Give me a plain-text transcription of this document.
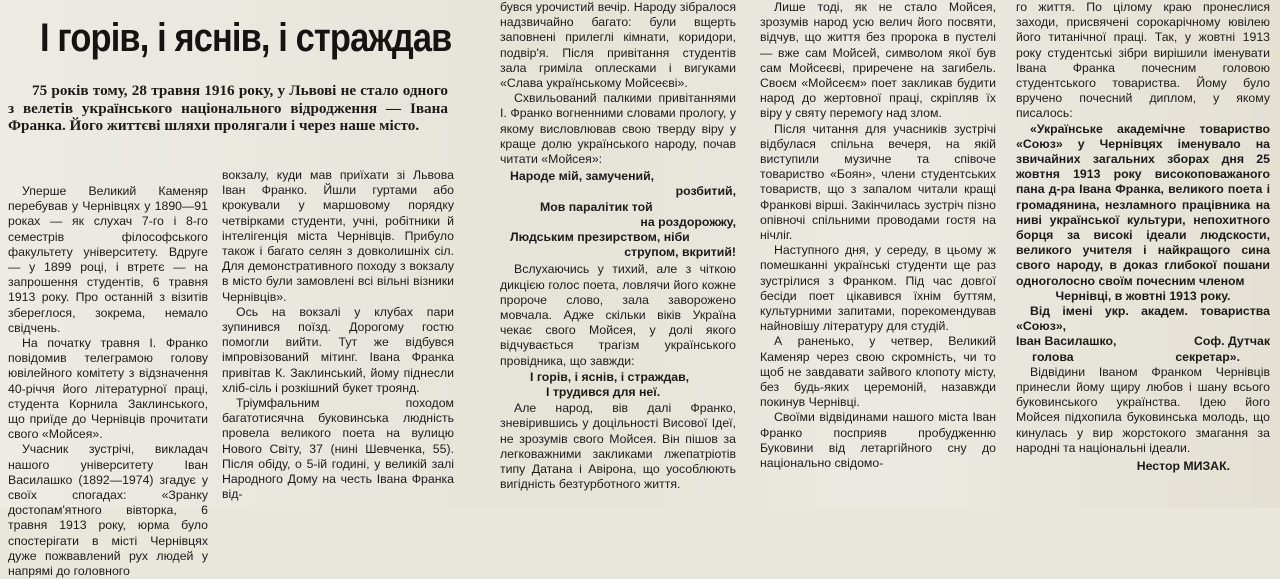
І горів, і яснів, і страждав

75 років тому, 28 травня 1916 року, у Львові не стало одного з велетів українського національного відродження — Івана Франка. Його життєві шляхи пролягали і через наше місто.

Уперше Великий Каменяр перебував у Чернівцях у 1890—91 роках — як слухач 7-го і 8-го семестрів філософського факультету університету. Вдруге — у 1899 році, і втретє — на запрошення студентів, 6 травня 1913 року. Про останній з візитів збереглося, зокрема, немало свідчень.

На початку травня І. Франко повідомив телеграмою голову ювілейного комітету з відзначення 40-річчя його літературної праці, студента Корнила Заклинського, що приїде до Чернівців прочитати свого «Мойсея».

Учасник зустрічі, викладач нашого університету Іван Василашко (1892—1974) згадує у своїх спогадах: «Зранку достопам'ятного вівторка, 6 травня 1913 року, юрма було спостерігати в місті Чернівцях дуже пожвавлений рух людей у напрямі до головного

вокзалу, куди мав приїхати зі Львова Іван Франко. Йшли гуртами або крокували у маршовому порядку четвірками студенти, учні, робітники й інтелігенція міста Чернівців. Прибуло також і багато селян з довколишніх сіл. Для демонстративного походу з вокзалу в місто були замовлені всі вільні візники Чернівців».

Ось на вокзалі у клубах пари зупинився поїзд. Дорогому гостю помогли вийти. Тут же відбувся імпровізований мітинг. Івана Франка привітав К. Заклинський, йому піднесли хліб-сіль і розкішний букет троянд.

Тріумфальним походом багатотисячна буковинська людність провела великого поета на вулицю Нового Світу, 37 (нині Шевченка, 55). Після обіду, о 5-ій годині, у великій залі Народного Дому на честь Івана Франка від-

бувся урочистий вечір. Народу зібралося надзвичайно багато: були вщерть заповнені прилеглі кімнати, коридори, подвір'я. Після привітання студентів зала гриміла оплесками і вигуками «Слава українському Мойсеєві».

Схвильований палкими привітаннями І. Франко вогненними словами прологу, у якому висловлював свою тверду віру у краще долю українського народу, почав читати «Мойсея»:

Народе мій, замучений,
розбитий,
Мов паралітик той
на роздорожжу,
Людським презирством, ніби
струпом, вкритий!

Вслухаючись у тихий, але з чіткою дикцією голос поета, ловлячи його кожне пророче слово, зала заворожено мовчала. Адже скільки віків Україна чекає свого Мойсея, у долі якого відчувається трагізм українського провідника, що завжди:

І горів, і яснів, і страждав,
І трудився для неї.

Але народ, вів далі Франко, зневірившись у доцільності Висової Ідеї, не зрозумів свого Мойсея. Він пішов за легковажними закликами лжепатріотів типу Датана і Авірона, що уособлюють вигідність безтурботного життя.

Лише тоді, як не стало Мойсея, зрозумів народ усю велич його посвяти, відчув, що життя без пророка в пустелі — вже сам Мойсей, символом якої був сам Мойсеєві, приречене на загибель. Своєм «Мойсеєм» поет закликав будити народ до жертовної праці, скріпляв їх віру у святу перемогу над злом.

Після читання для учасників зустрічі відбулася спільна вечеря, на якій виступили музичне та співоче товариство «Боян», члени студентських товариств, що з запалом читали кращі Франкові вірші. Закінчилась зустріч пізно опівночі спільними проводами гостя на нічліг.

Наступного дня, у середу, в цьому ж помешканні українські студенти ще раз зустрілися з Франком. Під час довгої бесіди поет цікавився їхнім буттям, культурними запитами, порекомендував найновішу літературу для студій.

А раненько, у четвер, Великий Каменяр через свою скромність, чи то щоб не завдавати зайвого клопоту місту, без будь-яких церемоній, назавжди покинув Чернівці.

Своїми відвідинами нашого міста Іван Франко посприяв пробудженню Буковини від летаргійного сну до національно свідомо-

го життя. По цілому краю пронеслися заходи, присвячені сорокарічному ювілею його титанічної праці. Так, у жовтні 1913 року студентські зібри вирішили іменувати Івана Франка почесним головою студентського товариства. Йому було вручено почесний диплом, у якому писалось:

«Українське академічне товариство «Союз» у Чернівцях іменувало на звичайних загальних зборах дня 25 жовтня 1913 року високоповажаного пана д-ра Івана Франка, великого поета і громадянина, незламного працівника на ниві української культури, непохитного борця за високі ідеали людскости, великого учителя і найкращого сина свого народу, в доказ глибокої пошани одноголосно своїм почесним членом

Чернівці, в жовтні 1913 року.

Від імені укр. академ. товариства «Союз»,

Іван Василашко,	Соф. Дутчак
голова	секретар».

Відвідини Іваном Франком Чернівців принесли йому щиру любов і шану всього буковинського українства. Ідею його Мойсея підхопила буковинська молодь, що кинулась у вир жорстокого змагання за народні та національні ідеали.

Нестор МИЗАК.
